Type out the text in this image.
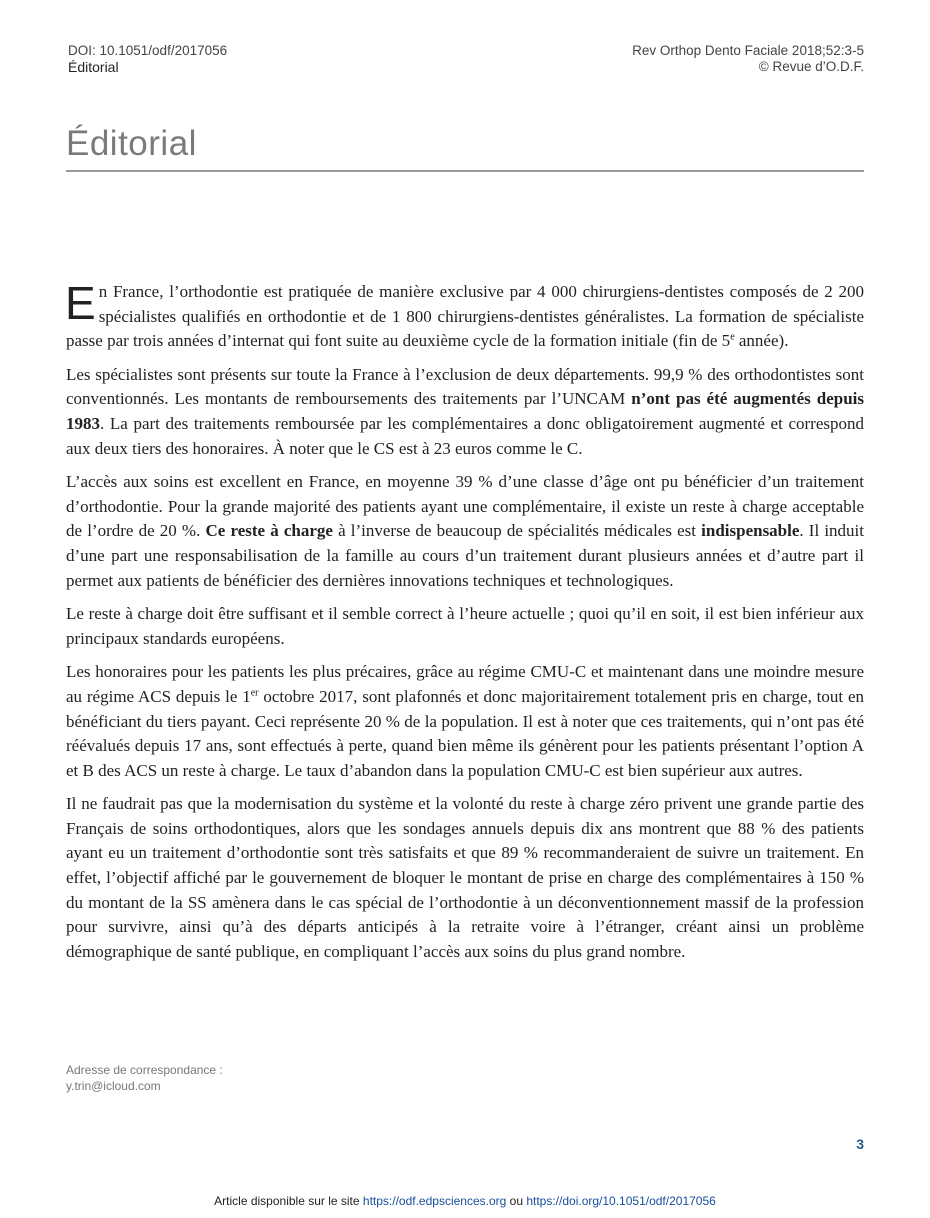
DOI: 10.1051/odf/2017056
Éditorial
Rev Orthop Dento Faciale 2018;52:3-5
© Revue d’O.D.F.
Éditorial

En France, l’orthodontie est pratiquée de manière exclusive par 4 000 chirurgiens-dentistes composés de 2 200 spécialistes qualifiés en orthodontie et de 1 800 chirurgiens-dentistes généralistes. La formation de spécialiste passe par trois années d’internat qui font suite au deuxième cycle de la formation initiale (fin de 5e année).

Les spécialistes sont présents sur toute la France à l’exclusion de deux départements. 99,9 % des orthodontistes sont conventionnés. Les montants de remboursements des traitements par l’UNCAM n’ont pas été augmentés depuis 1983. La part des traitements remboursée par les complémentaires a donc obligatoirement augmenté et correspond aux deux tiers des honoraires. À noter que le CS est à 23 euros comme le C.

L’accès aux soins est excellent en France, en moyenne 39 % d’une classe d’âge ont pu bénéficier d’un traitement d’orthodontie. Pour la grande majorité des patients ayant une complémentaire, il existe un reste à charge acceptable de l’ordre de 20 %. Ce reste à charge à l’inverse de beaucoup de spécialités médicales est indispensable. Il induit d’une part une responsabilisation de la famille au cours d’un traitement durant plusieurs années et d’autre part il permet aux patients de bénéficier des dernières innovations techniques et technologiques.

Le reste à charge doit être suffisant et il semble correct à l’heure actuelle ; quoi qu’il en soit, il est bien inférieur aux principaux standards européens.

Les honoraires pour les patients les plus précaires, grâce au régime CMU-C et maintenant dans une moindre mesure au régime ACS depuis le 1er octobre 2017, sont plafonnés et donc majoritairement totalement pris en charge, tout en bénéficiant du tiers payant. Ceci représente 20 % de la population. Il est à noter que ces traitements, qui n’ont pas été réévalués depuis 17 ans, sont effectués à perte, quand bien même ils génèrent pour les patients présentant l’option A et B des ACS un reste à charge. Le taux d’abandon dans la population CMU-C est bien supérieur aux autres.

Il ne faudrait pas que la modernisation du système et la volonté du reste à charge zéro privent une grande partie des Français de soins orthodontiques, alors que les sondages annuels depuis dix ans montrent que 88 % des patients ayant eu un traitement d’orthodontie sont très satisfaits et que 89 % recommanderaient de suivre un traitement. En effet, l’objectif affiché par le gouvernement de bloquer le montant de prise en charge des complémentaires à 150 % du montant de la SS amènera dans le cas spécial de l’orthodontie à un déconventionnement massif de la profession pour survivre, ainsi qu’à des départs anticipés à la retraite voire à l’étranger, créant ainsi un problème démographique de santé publique, en compliquant l’accès aux soins du plus grand nombre.

Adresse de correspondance :
y.trin@icloud.com
3
Article disponible sur le site https://odf.edpsciences.org ou https://doi.org/10.1051/odf/2017056
